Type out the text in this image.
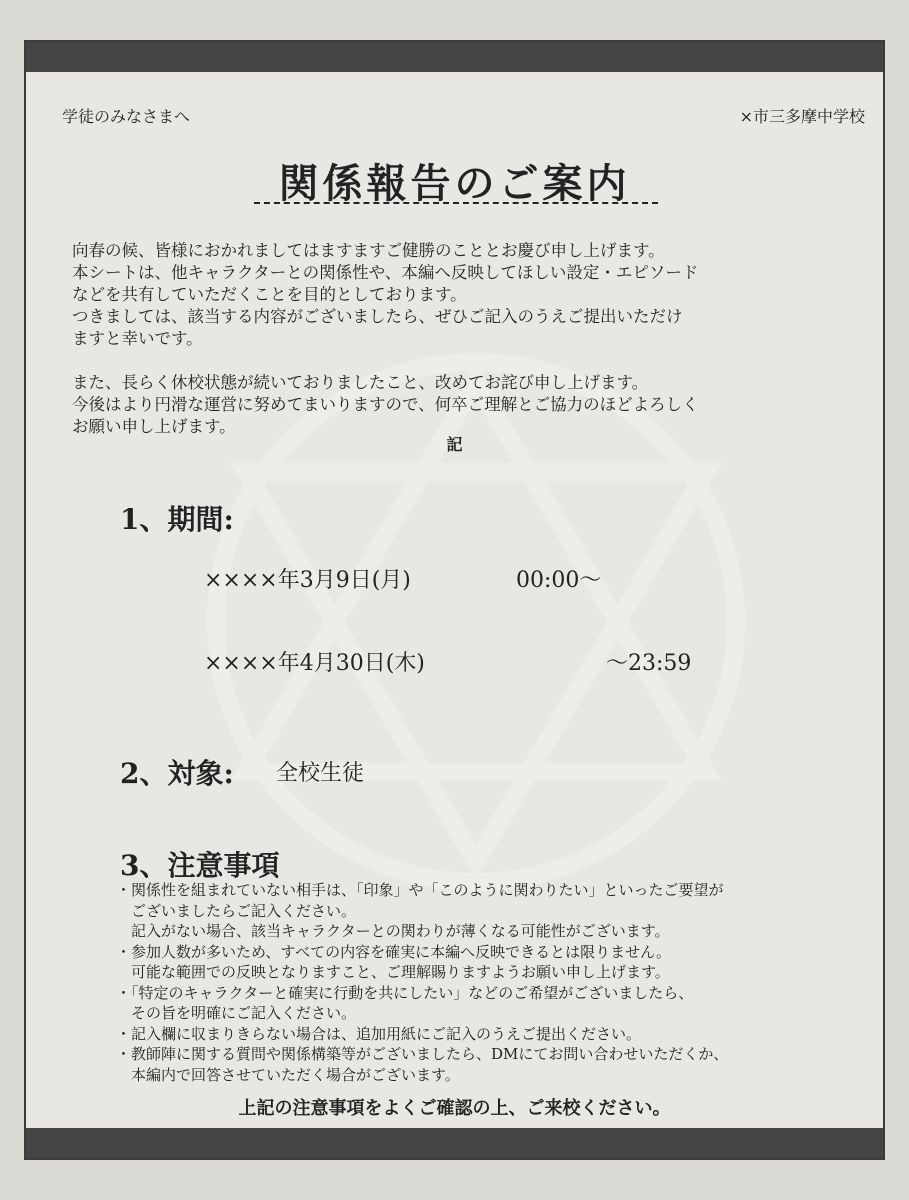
学徒のみなさまへ	×市三多摩中学校
関係報告のご案内
向春の候、皆様におかれましてはますますご健勝のこととお慶び申し上げます。
本シートは、他キャラクターとの関係性や、本編へ反映してほしい設定・エピソード
などを共有していただくことを目的としております。
つきましては、該当する内容がございましたら、ぜひご記入のうえご提出いただけ
ますと幸いです。

また、長らく休校状態が続いておりましたこと、改めてお詫び申し上げます。
今後はより円滑な運営に努めてまいりますので、何卒ご理解とご協力のほどよろしく
お願い申し上げます。
記
1、期間:
××××年3月9日(月)	00:00〜
××××年4月30日(木)	〜23:59
2、対象: 全校生徒
3、注意事項
・関係性を組まれていない相手は、「印象」や「このように関わりたい」といったご要望が
　ございましたらご記入ください。
　記入がない場合、該当キャラクターとの関わりが薄くなる可能性がございます。
・参加人数が多いため、すべての内容を確実に本編へ反映できるとは限りません。
　可能な範囲での反映となりますこと、ご理解賜りますようお願い申し上げます。
・「特定のキャラクターと確実に行動を共にしたい」などのご希望がございましたら、
　その旨を明確にご記入ください。
・記入欄に収まりきらない場合は、追加用紙にご記入のうえご提出ください。
・教師陣に関する質問や関係構築等がございましたら、DMにてお問い合わせいただくか、
　本編内で回答させていただく場合がございます。
上記の注意事項をよくご確認の上、ご来校ください。
